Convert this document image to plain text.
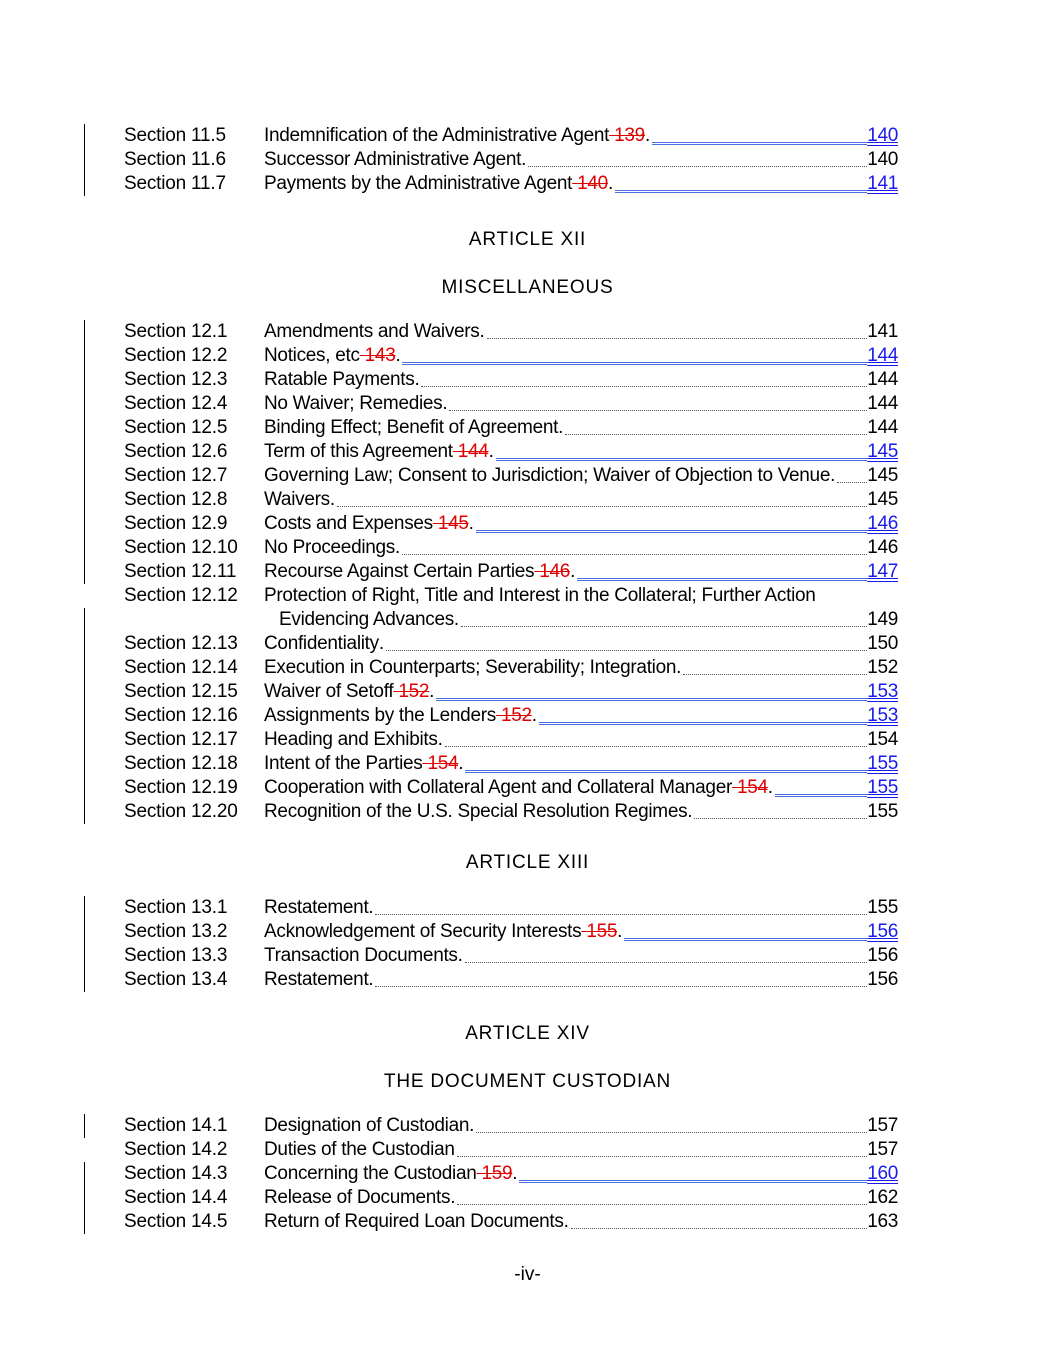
Section 11.5 Indemnification of the Administrative Agent 139 .	140
Section 11.6 Successor Administrative Agent .	140
Section 11.7 Payments by the Administrative Agent 140 .	141
ARTICLE XII
MISCELLANEOUS
Section 12.1 Amendments and Waivers .	141
Section 12.2 Notices, etc 143 .	144
Section 12.3 Ratable Payments .	144
Section 12.4 No Waiver; Remedies .	144
Section 12.5 Binding Effect; Benefit of Agreement .	144
Section 12.6 Term of this Agreement 144 .	145
Section 12.7 Governing Law; Consent to Jurisdiction; Waiver of Objection to Venue . 145
Section 12.8 Waivers .	145
Section 12.9 Costs and Expenses 145 .	146
Section 12.10 No Proceedings .	146
Section 12.11 Recourse Against Certain Parties 146 .	147
Section 12.12 Protection of Right, Title and Interest in the Collateral; Further Action
Evidencing Advances .	149
Section 12.13 Confidentiality .	150
Section 12.14 Execution in Counterparts; Severability; Integration .	152
Section 12.15 Waiver of Setoff 152 .	153
Section 12.16 Assignments by the Lenders 152 .	153
Section 12.17 Heading and Exhibits .	154
Section 12.18 Intent of the Parties 154 .	155
Section 12.19 Cooperation with Collateral Agent and Collateral Manager 154 .	155
Section 12.20 Recognition of the U.S. Special Resolution Regimes .	155
ARTICLE XIII
Section 13.1 Restatement .	155
Section 13.2 Acknowledgement of Security Interests 155 .	156
Section 13.3 Transaction Documents .	156
Section 13.4 Restatement .	156
ARTICLE XIV
THE DOCUMENT CUSTODIAN
Section 14.1 Designation of Custodian .	157
Section 14.2 Duties of the Custodian	157
Section 14.3 Concerning the Custodian 159 .	160
Section 14.4 Release of Documents .	162
Section 14.5 Return of Required Loan Documents .	163
-iv-
